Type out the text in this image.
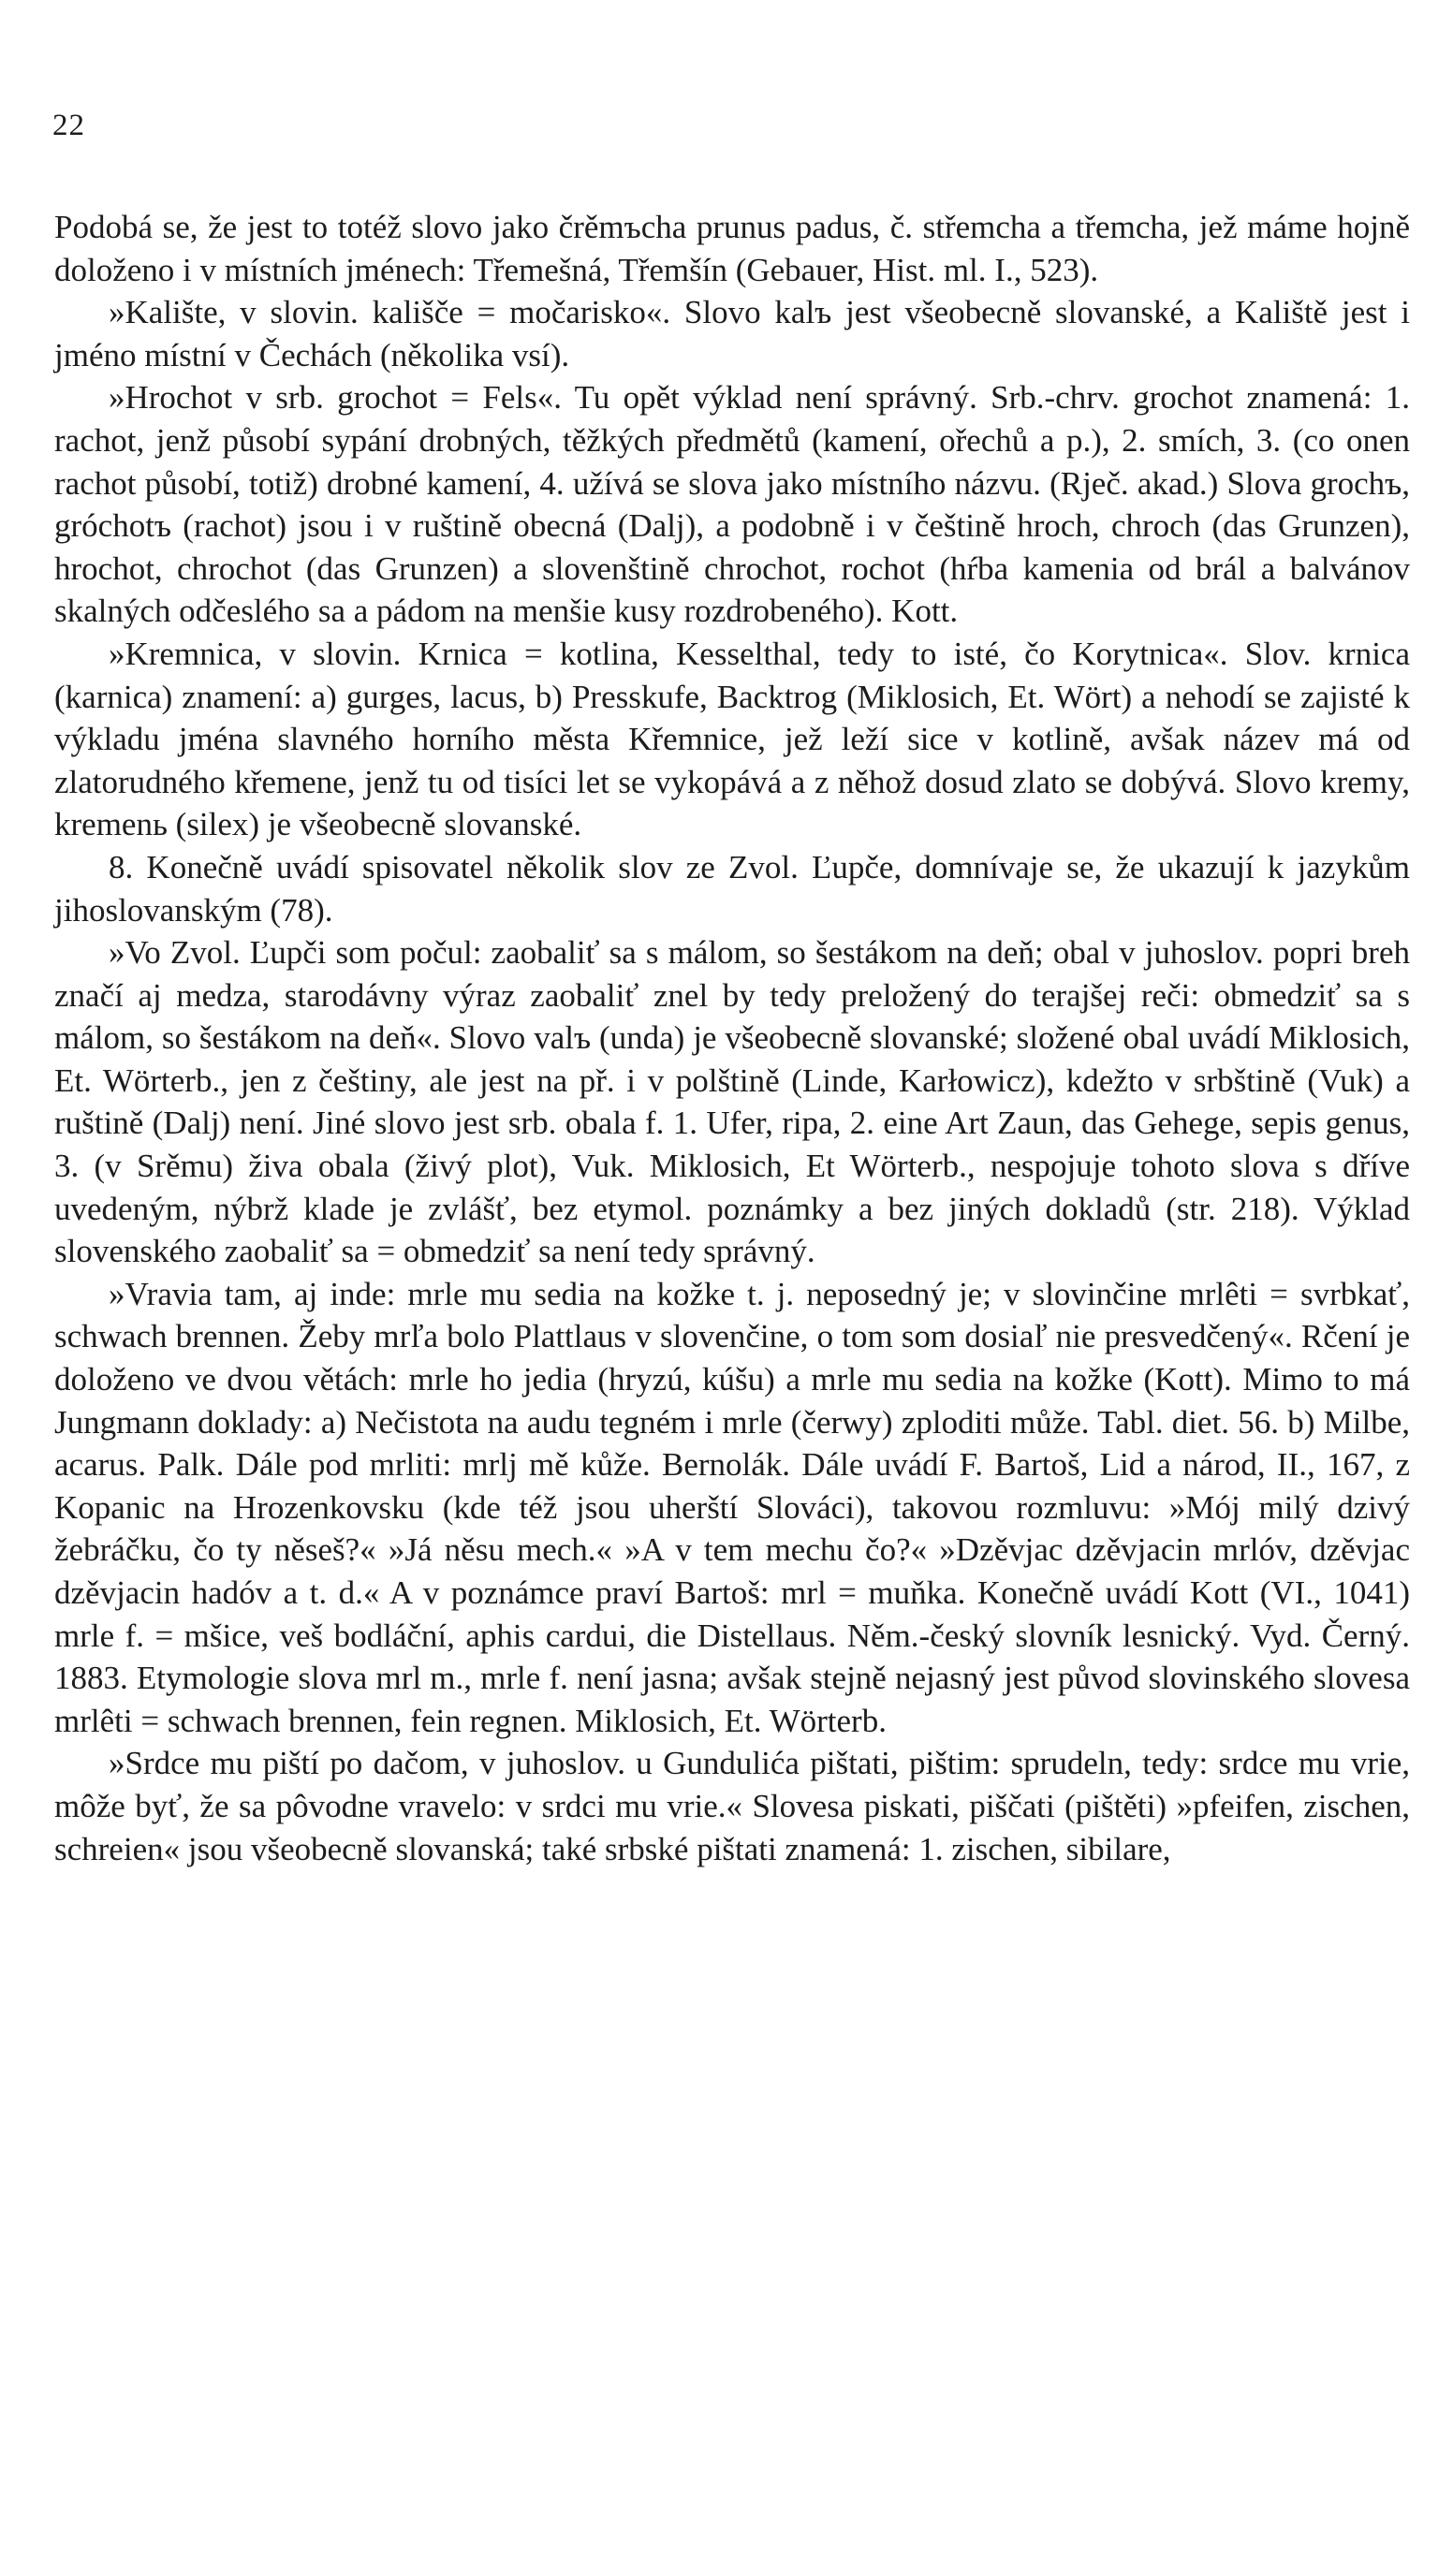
22

Podobá se, že jest to totéž slovo jako črěmъcha prunus padus, č. střemcha a třemcha, jež máme hojně doloženo i v místních jménech: Třemešná, Třemšín (Gebauer, Hist. ml. I., 523).

»Kalište, v slovin. kališče = močarisko«. Slovo kalъ jest všeobecně slovanské, a Kaliště jest i jméno místní v Čechách (několika vsí).

»Hrochot v srb. grochot = Fels«. Tu opět výklad není správný. Srb.-chrv. grochot znamená: 1. rachot, jenž působí sypání drobných, těžkých předmětů (kamení, ořechů a p.), 2. smích, 3. (co onen rachot působí, totiž) drobné kamení, 4. užívá se slova jako místního názvu. (Rječ. akad.) Slova grochъ, gróchotъ (rachot) jsou i v ruštině obecná (Dalj), a podobně i v češtině hroch, chroch (das Grunzen), hrochot, chrochot (das Grunzen) a slovenštině chrochot, rochot (hŕba kamenia od brál a balvánov skalných odčeslého sa a pádom na menšie kusy rozdrobeného). Kott.

»Kremnica, v slovin. Krnica = kotlina, Kesselthal, tedy to isté, čo Korytnica«. Slov. krnica (karnica) znamení: a) gurges, lacus, b) Presskufe, Backtrog (Miklosich, Et. Wört) a nehodí se zajisté k výkladu jména slavného horního města Křemnice, jež leží sice v kotlině, avšak název má od zlatorudného křemene, jenž tu od tisíci let se vykopává a z něhož dosud zlato se dobývá. Slovo kremy, kremenь (silex) je všeobecně slovanské.

8. Konečně uvádí spisovatel několik slov ze Zvol. Ľupče, domnívaje se, že ukazují k jazykům jihoslovanským (78).

»Vo Zvol. Ľupči som počul: zaobaliť sa s málom, so šestákom na deň; obal v juhoslov. popri breh značí aj medza, starodávny výraz zaobaliť znel by tedy preložený do terajšej reči: obmedziť sa s málom, so šestákom na deň«. Slovo valъ (unda) je všeobecně slovanské; složené obal uvádí Miklosich, Et. Wörterb., jen z češtiny, ale jest na př. i v polštině (Linde, Karłowicz), kdežto v srbštině (Vuk) a ruštině (Dalj) není. Jiné slovo jest srb. obala f. 1. Ufer, ripa, 2. eine Art Zaun, das Gehege, sepis genus, 3. (v Srěmu) živa obala (živý plot), Vuk. Miklosich, Et Wörterb., nespojuje tohoto slova s dříve uvedeným, nýbrž klade je zvlášť, bez etymol. poznámky a bez jiných dokladů (str. 218). Výklad slovenského zaobaliť sa = obmedziť sa není tedy správný.

»Vravia tam, aj inde: mrle mu sedia na kožke t. j. neposedný je; v slovinčine mrlêti = svrbkať, schwach brennen. Žeby mrľa bolo Plattlaus v slovenčine, o tom som dosiaľ nie presvedčený«. Rčení je doloženo ve dvou větách: mrle ho jedia (hryzú, kúšu) a mrle mu sedia na kožke (Kott). Mimo to má Jungmann doklady: a) Nečistota na audu tegném i mrle (čerwy) zploditi může. Tabl. diet. 56. b) Milbe, acarus. Palk. Dále pod mrliti: mrlj mě kůže. Bernolák. Dále uvádí F. Bartoš, Lid a národ, II., 167, z Kopanic na Hrozenkovsku (kde též jsou uherští Slováci), takovou rozmluvu: »Mój milý dzivý žebráčku, čo ty něseš?« »Já něsu mech.« »A v tem mechu čo?« »Dzěvjac dzěvjacin mrlóv, dzěvjac dzěvjacin hadóv a t. d.« A v poznámce praví Bartoš: mrl = muňka. Konečně uvádí Kott (VI., 1041) mrle f. = mšice, veš bodláční, aphis cardui, die Distellaus. Něm.-český slovník lesnický. Vyd. Černý. 1883. Etymologie slova mrl m., mrle f. není jasna; avšak stejně nejasný jest původ slovinského slovesa mrlêti = schwach brennen, fein regnen. Miklosich, Et. Wörterb.

»Srdce mu piští po dačom, v juhoslov. u Gundulića pištati, pištim: sprudeln, tedy: srdce mu vrie, môže byť, že sa pôvodne vravelo: v srdci mu vrie.« Slovesa piskati, piščati (pištěti) »pfeifen, zischen, schreien« jsou všeobecně slovanská; také srbské pištati znamená: 1. zischen, sibilare,
